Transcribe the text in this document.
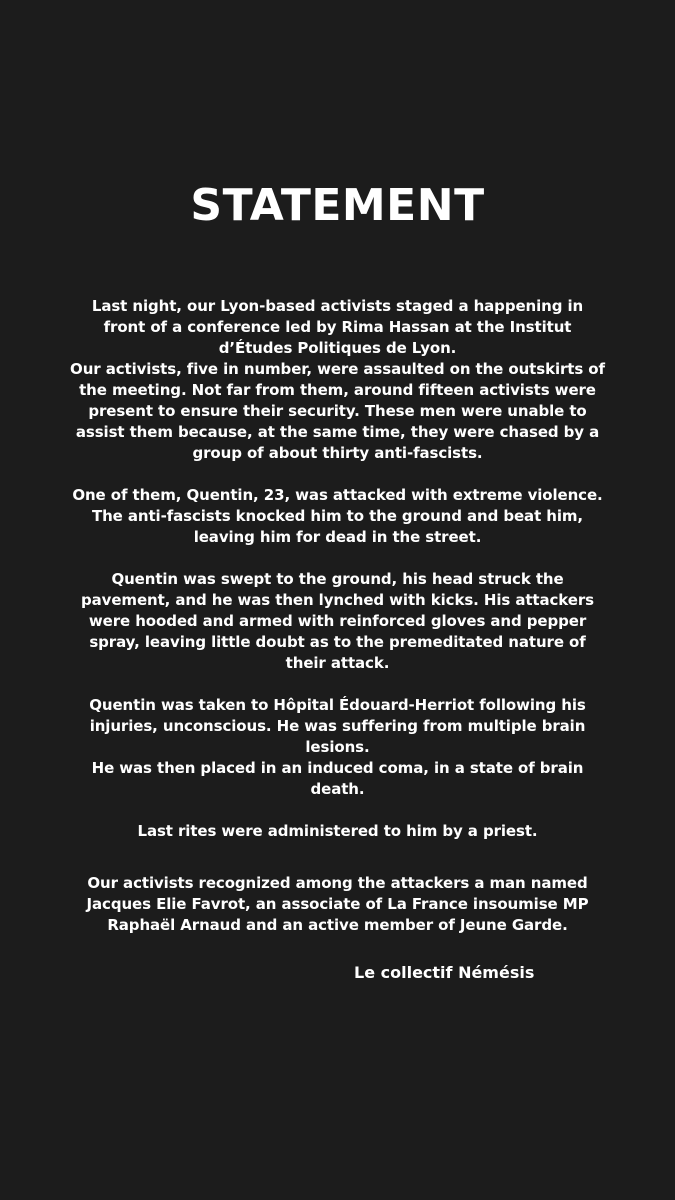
STATEMENT

Last night, our Lyon-based activists staged a happening in front of a conference led by Rima Hassan at the Institut d’Études Politiques de Lyon.

Our activists, five in number, were assaulted on the outskirts of the meeting. Not far from them, around fifteen activists were present to ensure their security. These men were unable to assist them because, at the same time, they were chased by a group of about thirty anti-fascists.

One of them, Quentin, 23, was attacked with extreme violence. The anti-fascists knocked him to the ground and beat him, leaving him for dead in the street.

Quentin was swept to the ground, his head struck the pavement, and he was then lynched with kicks. His attackers were hooded and armed with reinforced gloves and pepper spray, leaving little doubt as to the premeditated nature of their attack.

Quentin was taken to Hôpital Édouard-Herriot following his injuries, unconscious. He was suffering from multiple brain lesions.

He was then placed in an induced coma, in a state of brain death.

Last rites were administered to him by a priest.

Our activists recognized among the attackers a man named Jacques Elie Favrot, an associate of La France insoumise MP Raphaël Arnaud and an active member of Jeune Garde.

Le collectif Némésis
